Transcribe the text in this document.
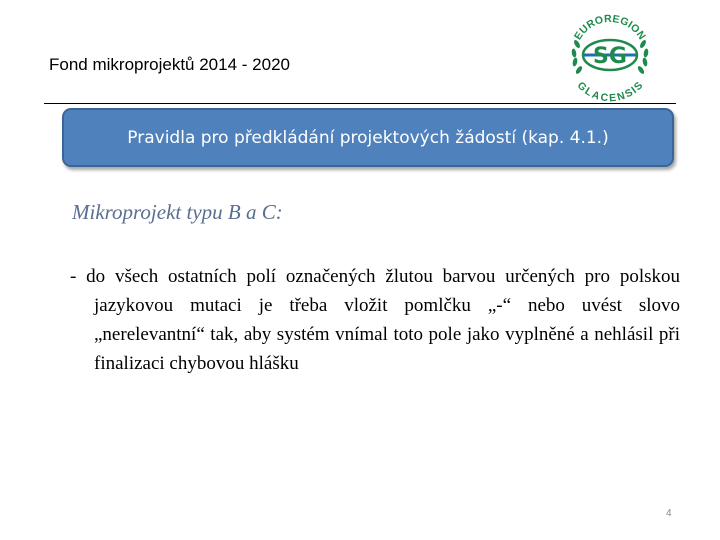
Fond mikroprojektů 2014 - 2020
EUROREGION
GLACENSIS
SG
Pravidla pro předkládání projektových žádostí (kap. 4.1.)
Mikroprojekt typu B a C:

- do všech ostatních polí označených žlutou barvou určených pro polskou jazykovou mutaci je třeba vložit pomlčku „-“ nebo uvést slovo „nerelevantní“ tak, aby systém vnímal toto pole jako vyplněné a nehlásil při finalizaci chybovou hlášku

4
